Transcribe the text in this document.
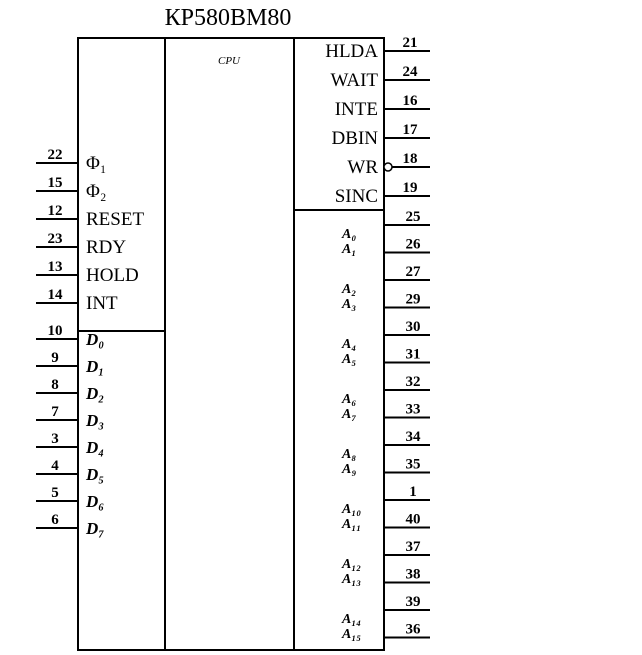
КР580ВМ80
CPU
22 Φ₁
15 Φ₂
12 RESET
23 RDY
13 HOLD
14 INT
10 D₀
9 D₁
8 D₂
7 D₃
3 D₄
4 D₅
5 D₆
6 D₇
21
HLDA
24
WAIT
16
INTE
17
DBIN
18
WR
19
SINC
25
A₀
26
A₁
27
A₂
29
A₃
30
A₄
31
A₅
32
A₆
33
A₇
34
A₈
35
A₉
1
A₁₀
40
A₁₁
37
A₁₂
38
A₁₃
39
A₁₄
36
A₁₅
